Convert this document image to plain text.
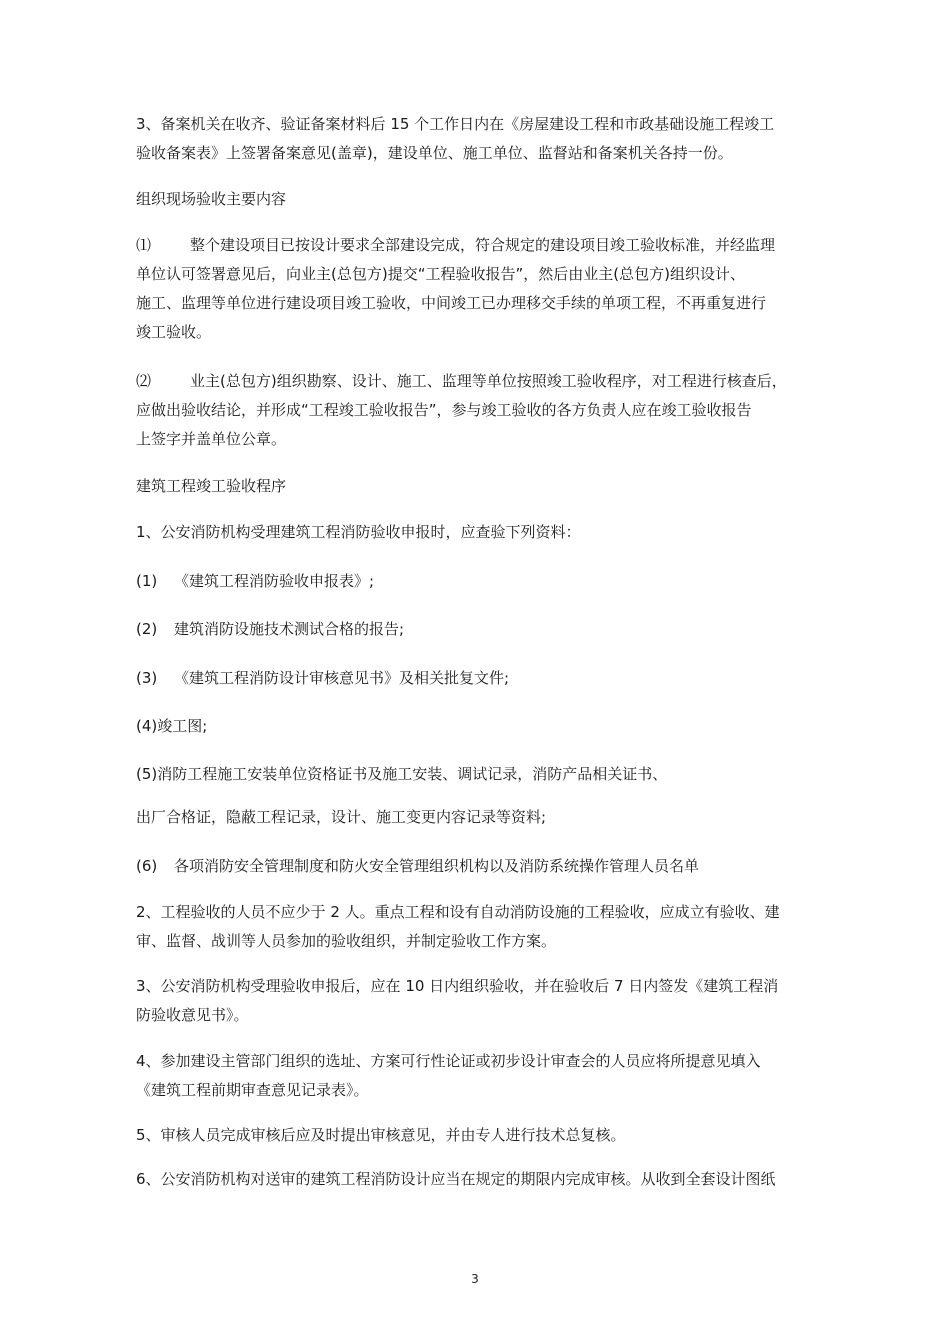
3、备案机关在收齐、验证备案材料后 15 个工作日内在《房屋建设工程和市政基础设施工程竣工
验收备案表》上签署备案意见(盖章)，建设单位、施工单位、监督站和备案机关各持一份。
组织现场验收主要内容
⑴	整个建设项目已按设计要求全部建设完成，符合规定的建设项目竣工验收标准，并经监理
单位认可签署意见后，向业主(总包方)提交“工程验收报告”，然后由业主(总包方)组织设计、
施工、监理等单位进行建设项目竣工验收，中间竣工已办理移交手续的单项工程，不再重复进行
竣工验收。
⑵	业主(总包方)组织勘察、设计、施工、监理等单位按照竣工验收程序，对工程进行核查后，
应做出验收结论，并形成“工程竣工验收报告”，参与竣工验收的各方负责人应在竣工验收报告
上签字并盖单位公章。
建筑工程竣工验收程序
1、公安消防机构受理建筑工程消防验收申报时，应查验下列资料：
(1) 《建筑工程消防验收申报表》;
(2) 建筑消防设施技术测试合格的报告;
(3) 《建筑工程消防设计审核意见书》及相关批复文件;
(4)竣工图;
(5)消防工程施工安装单位资格证书及施工安装、调试记录，消防产品相关证书、
出厂合格证，隐蔽工程记录，设计、施工变更内容记录等资料;
(6) 各项消防安全管理制度和防火安全管理组织机构以及消防系统操作管理人员名单
2、工程验收的人员不应少于 2 人。重点工程和设有自动消防设施的工程验收，应成立有验收、建
审、监督、战训等人员参加的验收组织，并制定验收工作方案。
3、公安消防机构受理验收申报后，应在 10 日内组织验收，并在验收后 7 日内签发《建筑工程消
防验收意见书》。
4、参加建设主管部门组织的选址、方案可行性论证或初步设计审查会的人员应将所提意见填入
《建筑工程前期审查意见记录表》。
5、审核人员完成审核后应及时提出审核意见，并由专人进行技术总复核。
6、公安消防机构对送审的建筑工程消防设计应当在规定的期限内完成审核。从收到全套设计图纸
3
